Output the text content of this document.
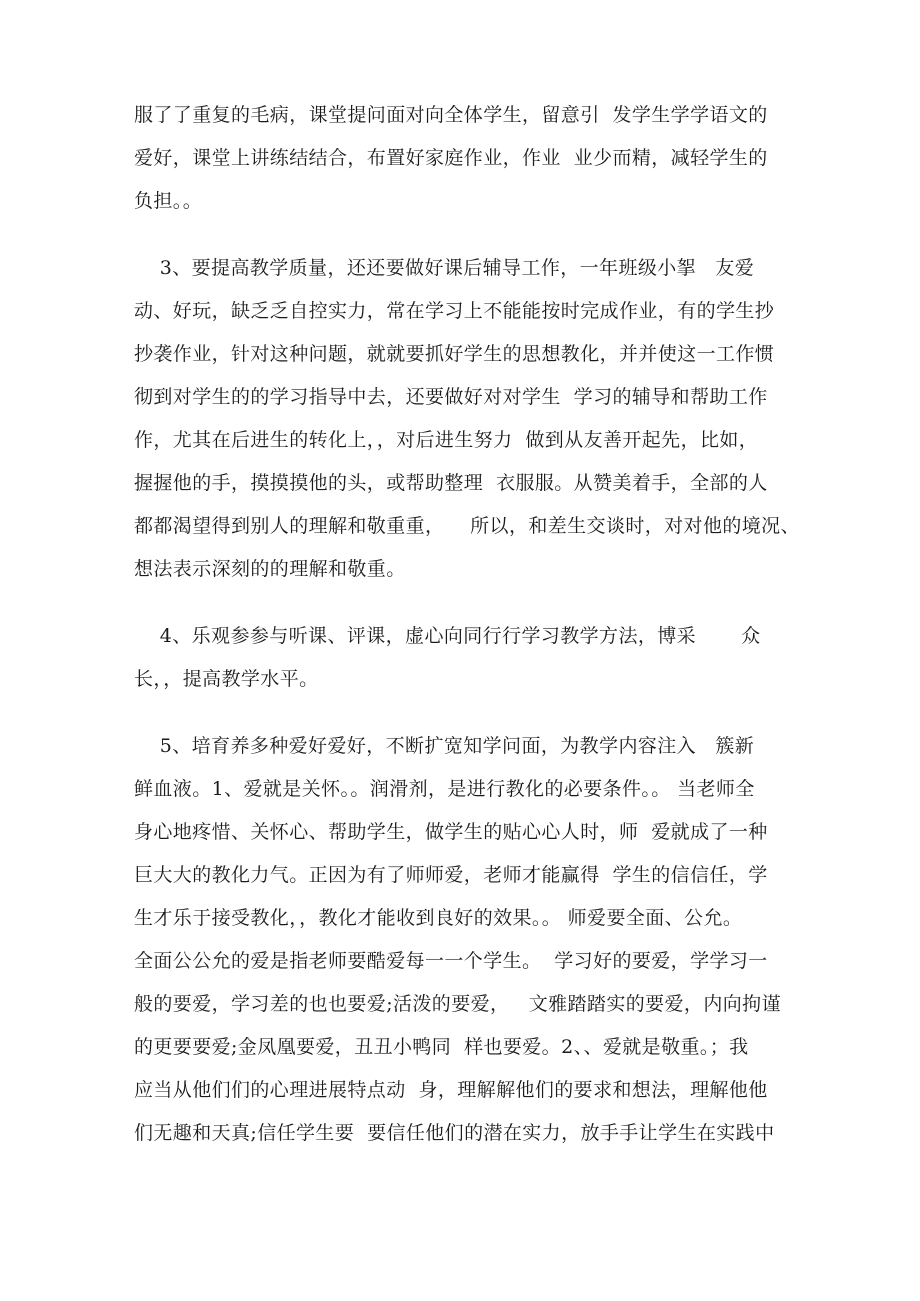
服了了重复的毛病，课堂提问面对向全体学生，留意引  发学生学学语文的
爱好，课堂上讲练结结合，布置好家庭作业，作业  业少而精，减轻学生的
负担。。
3、要提高教学质量，还还要做好课后辅导工作，一年班级小挐   友爱
动、好玩，缺乏乏自控实力，常在学习上不能能按时完成作业，有的学生抄
抄袭作业，针对这种问题，就就要抓好学生的思想教化，并并使这一工作惯
彻到对学生的的学习指导中去，还要做好对对学生  学习的辅导和帮助工作
作，尤其在后进生的转化上，，对后进生努力  做到从友善开起先，比如，
握握他的手，摸摸摸他的头，或帮助整理  衣服服。从赞美着手，全部的人
都都渴望得到别人的理解和敬重重，    所以，和差生交谈时，对对他的境况、
想法表示深刻的的理解和敬重。
4、乐观参参与听课、评课，虚心向同行行学习教学方法，博采       众
长，，提高教学水平。
5、培育养多种爱好爱好，不断扩宽知学问面，为教学内容注入   簇新
鲜血液。1、爱就是关怀。。润滑剂，是进行教化的必要条件。。 当老师全
身心地疼惜、关怀心、帮助学生，做学生的贴心心人时，师  爱就成了一种
巨大大的教化力气。正因为有了师师爱，老师才能赢得  学生的信信任，学
生才乐于接受教化，，教化才能收到良好的效果。。 师爱要全面、公允。
全面公公允的爱是指老师要酷爱每一一个学生。  学习好的要爱，学学习一
般的要爱，学习差的也也要爱;活泼的要爱，   文雅踏踏实的要爱，内向拘谨
的更要要爱;金凤凰要爱，丑丑小鸭同  样也要爱。2、、爱就是敬重。；我
应当从他们们的心理进展特点动  身，理解解他们的要求和想法，理解他他
们无趣和天真;信任学生要  要信任他们的潜在实力，放手手让学生在实践中
